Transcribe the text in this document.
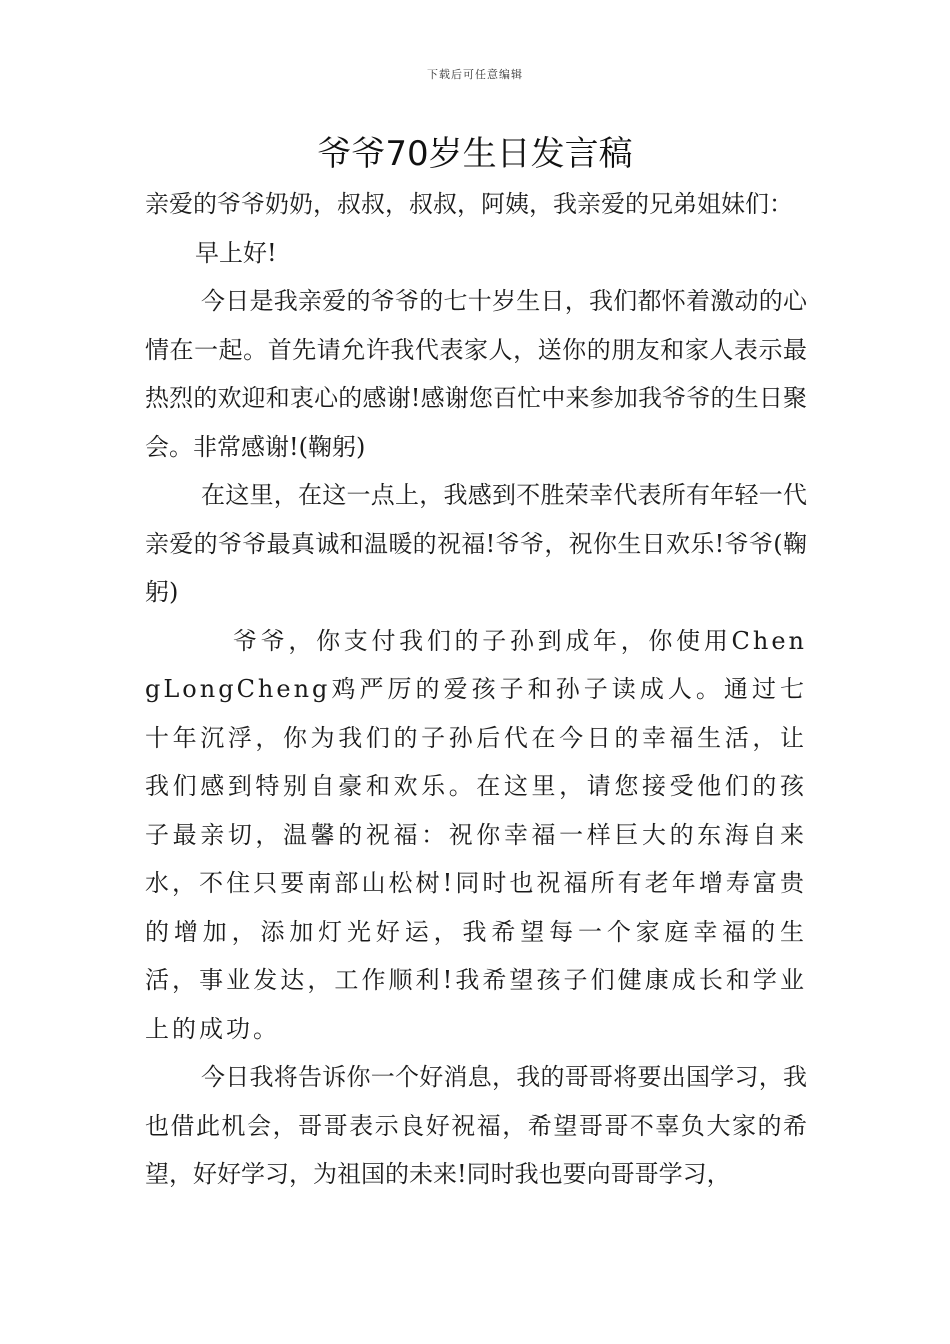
下载后可任意编辑
爷爷70岁生日发言稿

亲爱的爷爷奶奶，叔叔，叔叔，阿姨，我亲爱的兄弟姐妹们：

早上好!

今日是我亲爱的爷爷的七十岁生日，我们都怀着激动的心情在一起。首先请允许我代表家人，送你的朋友和家人表示最热烈的欢迎和衷心的感谢!感谢您百忙中来参加我爷爷的生日聚会。非常感谢!(鞠躬)

在这里，在这一点上，我感到不胜荣幸代表所有年轻一代亲爱的爷爷最真诚和温暖的祝福!爷爷，祝你生日欢乐!爷爷(鞠躬)

爷爷，你支付我们的子孙到成年，你使用ChengLongCheng鸡严厉的爱孩子和孙子读成人。通过七十年沉浮，你为我们的子孙后代在今日的幸福生活，让我们感到特别自豪和欢乐。在这里，请您接受他们的孩子最亲切，温馨的祝福：祝你幸福一样巨大的东海自来水，不住只要南部山松树!同时也祝福所有老年增寿富贵的增加，添加灯光好运，我希望每一个家庭幸福的生活，事业发达，工作顺利!我希望孩子们健康成长和学业上的成功。

今日我将告诉你一个好消息，我的哥哥将要出国学习，我也借此机会，哥哥表示良好祝福，希望哥哥不辜负大家的希望，好好学习，为祖国的未来!同时我也要向哥哥学习，
